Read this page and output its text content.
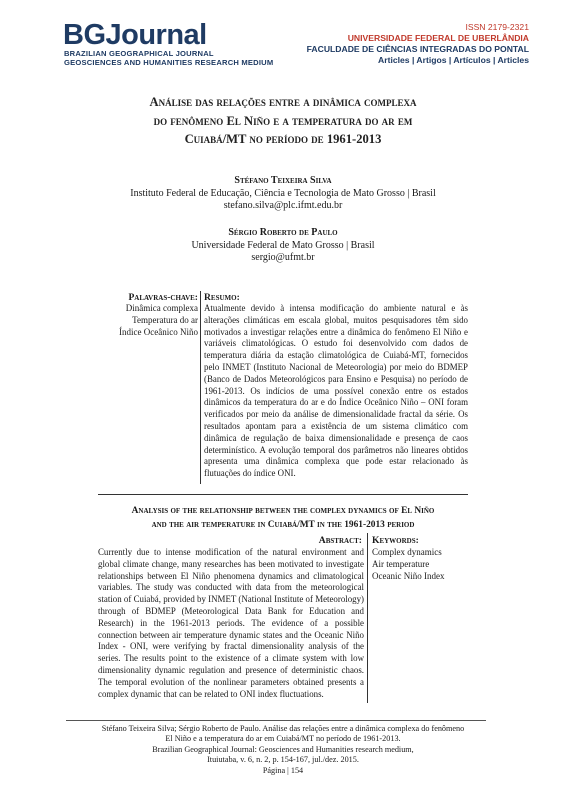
BGJournal
BRAZILIAN GEOGRAPHICAL JOURNAL
GEOSCIENCES AND HUMANITIES RESEARCH MEDIUM
ISSN 2179-2321
UNIVERSIDADE FEDERAL DE UBERLÂNDIA
FACULDADE DE CIÊNCIAS INTEGRADAS DO PONTAL
Articles | Artigos | Artículos | Articles
Análise das relações entre a dinâmica complexa
do fenômeno El Niño e a temperatura do ar em
Cuiabá/MT no período de 1961-2013
Stéfano Teixeira Silva
Instituto Federal de Educação, Ciência e Tecnologia de Mato Grosso | Brasil
stefano.silva@plc.ifmt.edu.br
Sérgio Roberto de Paulo
Universidade Federal de Mato Grosso | Brasil
sergio@ufmt.br
Palavras-chave:
Dinâmica complexa
Temperatura do ar
Índice Oceânico Niño
Resumo:
Atualmente devido à intensa modificação do ambiente natural e às alterações climáticas em escala global, muitos pesquisadores têm sido motivados a investigar relações entre a dinâmica do fenômeno El Niño e variáveis climatológicas. O estudo foi desenvolvido com dados de temperatura diária da estação climatológica de Cuiabá-MT, fornecidos pelo INMET (Instituto Nacional de Meteorologia) por meio do BDMEP (Banco de Dados Meteorológicos para Ensino e Pesquisa) no período de 1961-2013. Os indícios de uma possível conexão entre os estados dinâmicos da temperatura do ar e do Índice Oceânico Niño – ONI foram verificados por meio da análise de dimensionalidade fractal da série. Os resultados apontam para a existência de um sistema climático com dinâmica de regulação de baixa dimensionalidade e presença de caos determinístico. A evolução temporal dos parâmetros não lineares obtidos apresenta uma dinâmica complexa que pode estar relacionado às flutuações do índice ONI.
Analysis of the relationship between the complex dynamics of El Niño
and the air temperature in Cuiabá/MT in the 1961-2013 period
Abstract:
Currently due to intense modification of the natural environment and global climate change, many researches has been motivated to investigate relationships between El Niño phenomena dynamics and climatological variables. The study was conducted with data from the meteorological station of Cuiabá, provided by INMET (National Institute of Meteorology) through of BDMEP (Meteorological Data Bank for Education and Research) in the 1961-2013 periods. The evidence of a possible connection between air temperature dynamic states and the Oceanic Niño Index - ONI, were verifying by fractal dimensionality analysis of the series. The results point to the existence of a climate system with low dimensionality dynamic regulation and presence of deterministic chaos. The temporal evolution of the nonlinear parameters obtained presents a complex dynamic that can be related to ONI index fluctuations.
Keywords:
Complex dynamics
Air temperature
Oceanic Niño Index
Stéfano Teixeira Silva; Sérgio Roberto de Paulo. Análise das relações entre a dinâmica complexa do fenômeno
El Niño e a temperatura do ar em Cuiabá/MT no período de 1961-2013.
Brazilian Geographical Journal: Geosciences and Humanities research medium,
Ituiutaba, v. 6, n. 2, p. 154-167, jul./dez. 2015.
Página | 154
